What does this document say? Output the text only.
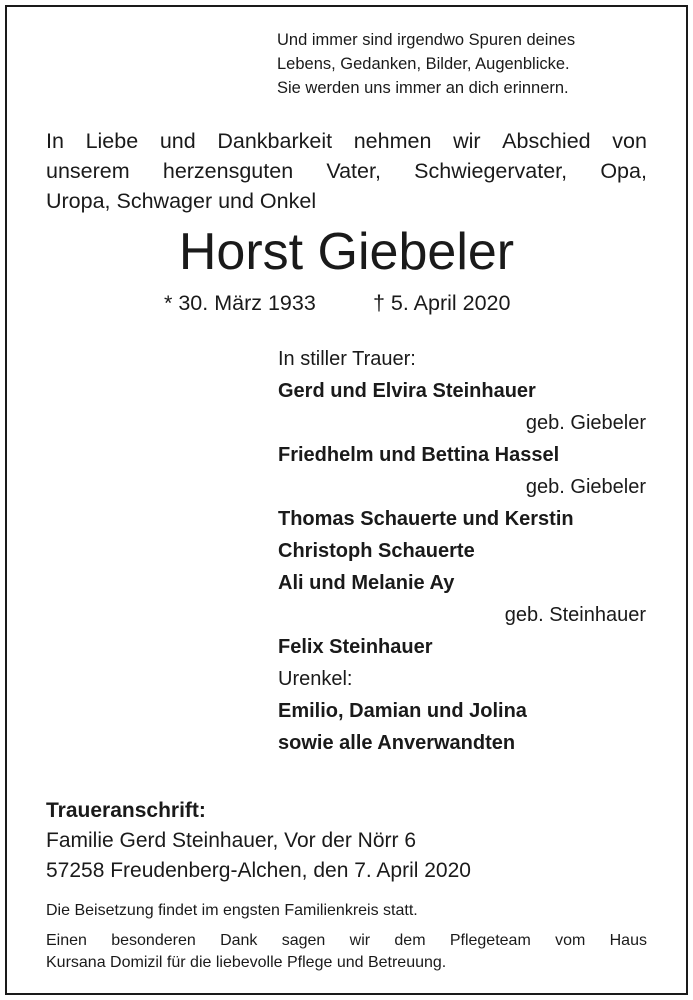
Und immer sind irgendwo Spuren deines
Lebens, Gedanken, Bilder, Augenblicke.
Sie werden uns immer an dich erinnern.
In Liebe und Dankbarkeit nehmen wir Abschied von
unserem herzensguten Vater, Schwiegervater, Opa,
Uropa, Schwager und Onkel
Horst Giebeler
* 30. März 1933	† 5. April 2020
In stiller Trauer:
Gerd und Elvira Steinhauer
geb. Giebeler
Friedhelm und Bettina Hassel
geb. Giebeler
Thomas Schauerte und Kerstin
Christoph Schauerte
Ali und Melanie Ay
geb. Steinhauer
Felix Steinhauer
Urenkel:
Emilio, Damian und Jolina
sowie alle Anverwandten
Traueranschrift:
Familie Gerd Steinhauer, Vor der Nörr 6
57258 Freudenberg-Alchen, den 7. April 2020
Die Beisetzung findet im engsten Familienkreis statt.
Einen besonderen Dank sagen wir dem Pflegeteam vom Haus
Kursana Domizil für die liebevolle Pflege und Betreuung.
